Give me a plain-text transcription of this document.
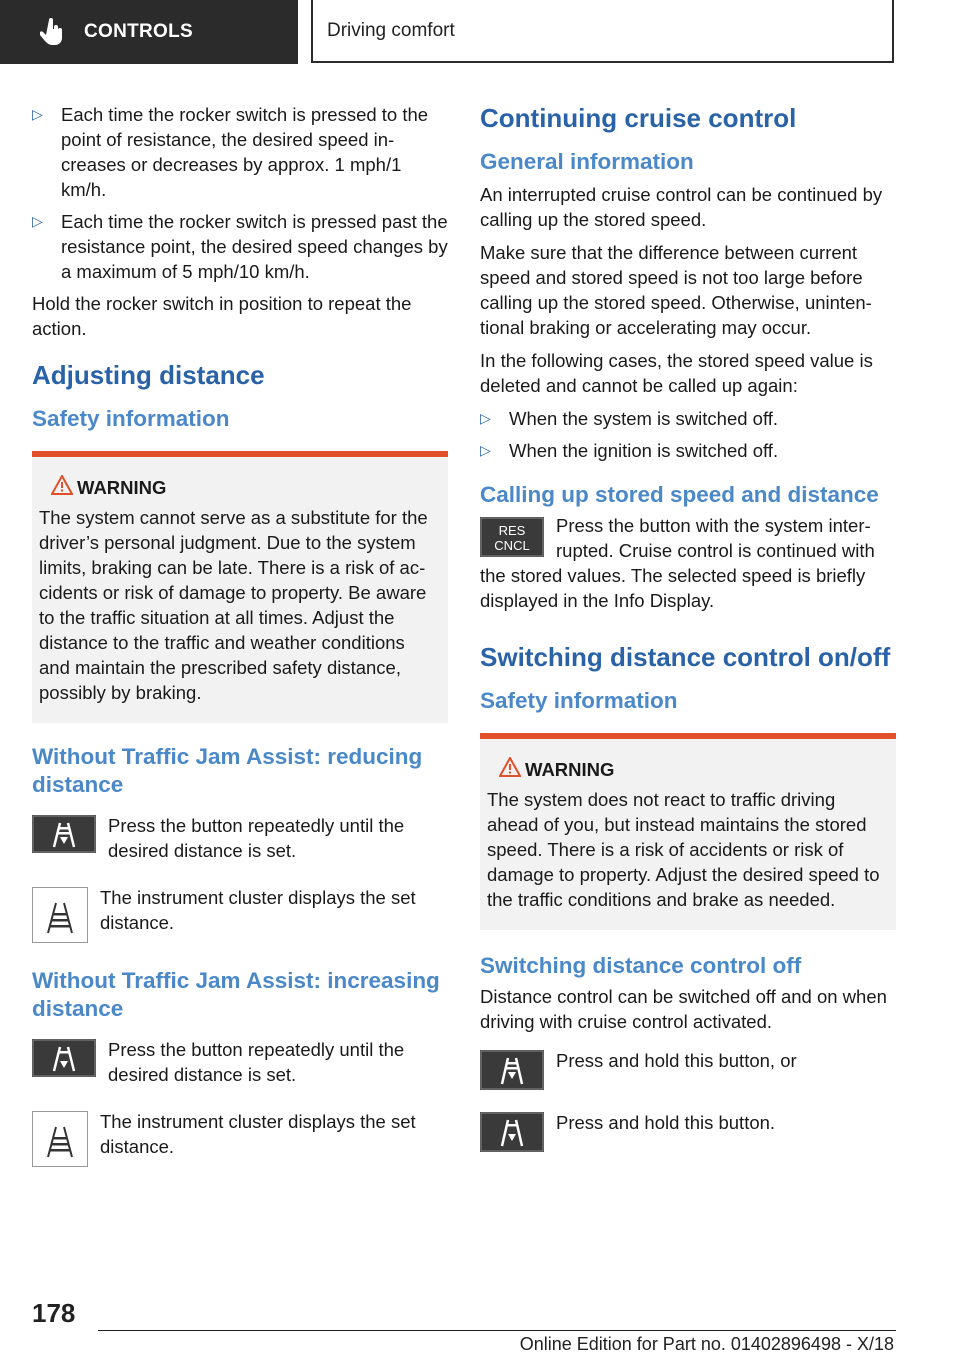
CONTROLS	Driving comfort
▷ Each time the rocker switch is pressed to the point of resistance, the desired speed in-creases or decreases by approx. 1 mph/1 km/h.
▷ Each time the rocker switch is pressed past the resistance point, the desired speed changes by a maximum of 5 mph/10 km/h.

Hold the rocker switch in position to repeat the action.

Adjusting distance
Safety information
WARNING

The system cannot serve as a substitute for the driver’s personal judgment. Due to the system limits, braking can be late. There is a risk of ac-cidents or risk of damage to property. Be aware to the traffic situation at all times. Adjust the distance to the traffic and weather conditions and maintain the prescribed safety distance, possibly by braking.

Without Traffic Jam Assist: reducing distance

Press the button repeatedly until the desired distance is set.

The instrument cluster displays the set distance.

Without Traffic Jam Assist: increasing distance

Press the button repeatedly until the desired distance is set.

The instrument cluster displays the set distance.

Continuing cruise control
General information

An interrupted cruise control can be continued by calling up the stored speed.

Make sure that the difference between current speed and stored speed is not too large before calling up the stored speed. Otherwise, uninten-tional braking or accelerating may occur.

In the following cases, the stored speed value is deleted and cannot be called up again:

▷ When the system is switched off.
▷ When the ignition is switched off.
Calling up stored speed and distance
RES
CNCL

Press the button with the system inter-rupted. Cruise control is continued with the stored values. The selected speed is briefly displayed in the Info Display.

Switching distance control on/off
Safety information
WARNING

The system does not react to traffic driving ahead of you, but instead maintains the stored speed. There is a risk of accidents or risk of damage to property. Adjust the desired speed to the traffic conditions and brake as needed.

Switching distance control off

Distance control can be switched off and on when driving with cruise control activated.

Press and hold this button, or

Press and hold this button.

178
Online Edition for Part no. 01402896498 - X/18
